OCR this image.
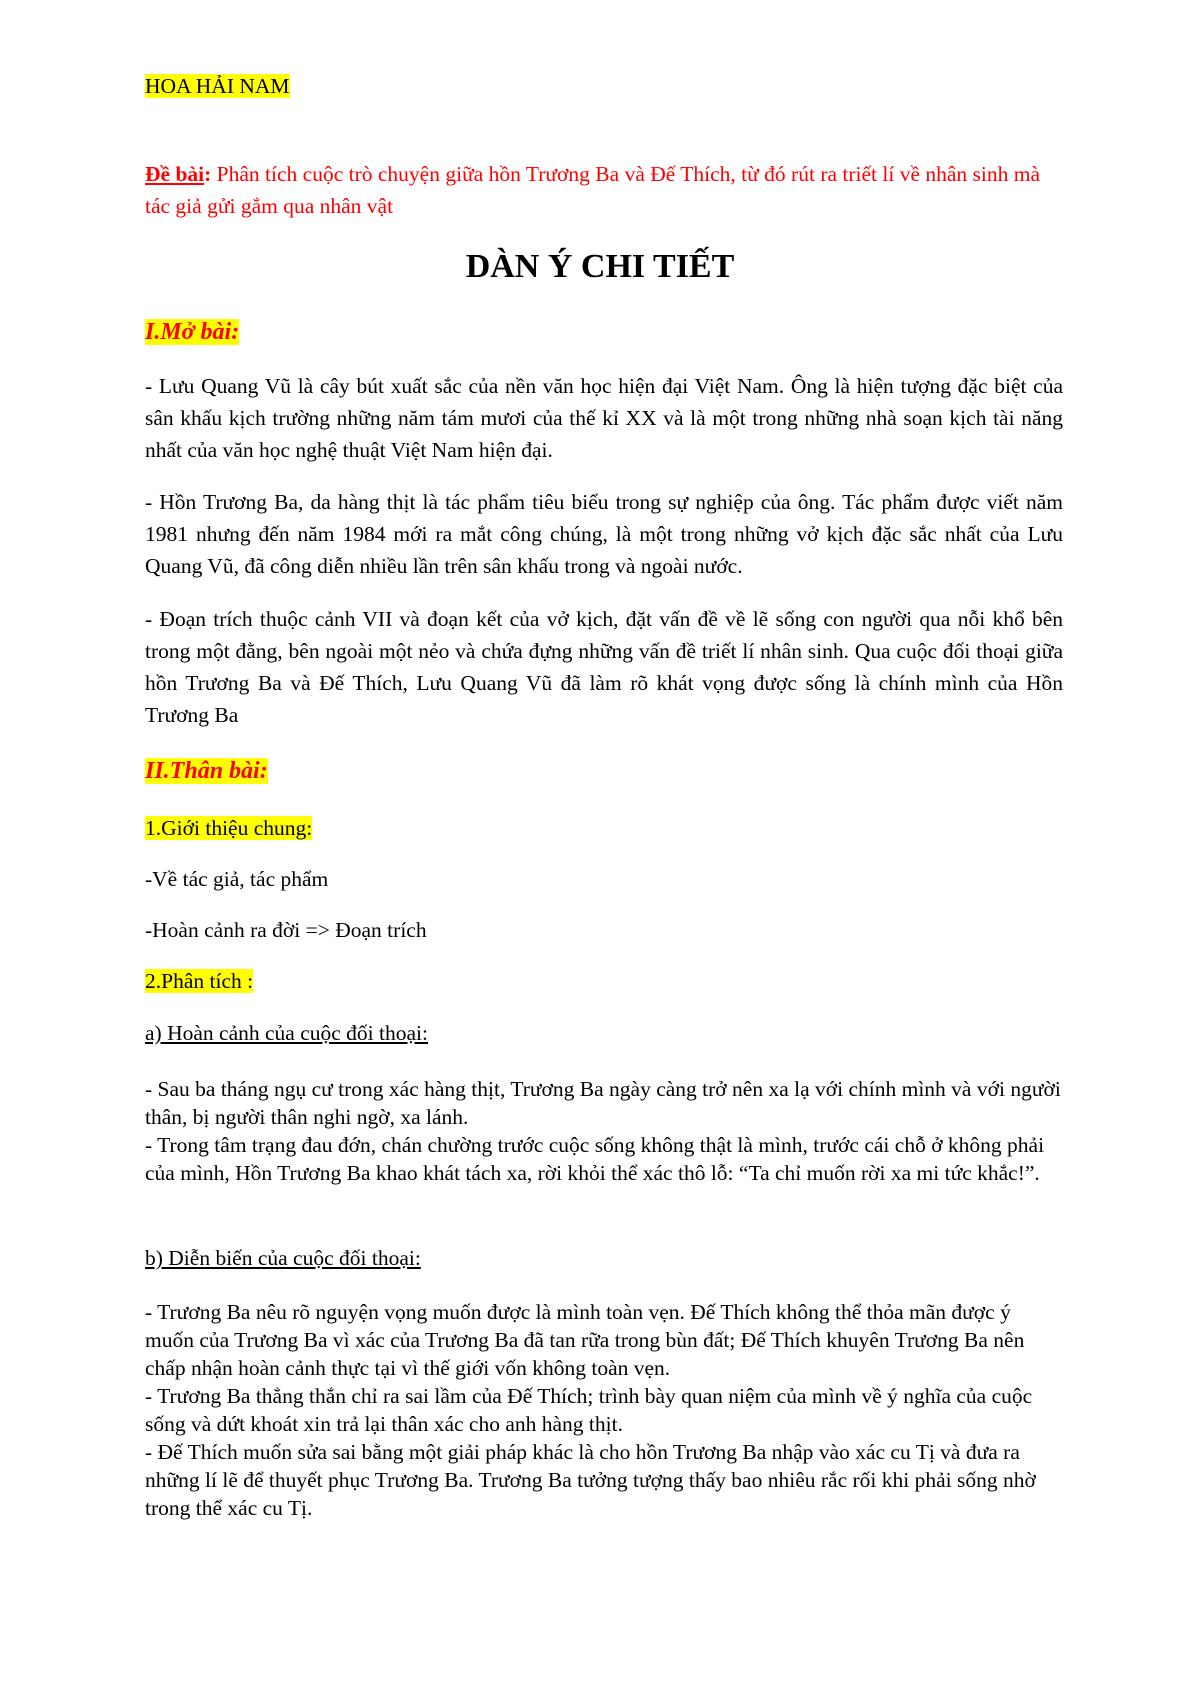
HOA HẢI NAM

Đề bài: Phân tích cuộc trò chuyện giữa hồn Trương Ba và Đế Thích, từ đó rút ra triết lí về nhân sinh mà tác giả gửi gắm qua nhân vật

DÀN Ý CHI TIẾT

I.Mở bài:

- Lưu Quang Vũ là cây bút xuất sắc của nền văn học hiện đại Việt Nam. Ông là hiện tượng đặc biệt của sân khấu kịch trường những năm tám mươi của thế kỉ XX và là một trong những nhà soạn kịch tài năng nhất của văn học nghệ thuật Việt Nam hiện đại.

- Hồn Trương Ba, da hàng thịt là tác phẩm tiêu biểu trong sự nghiệp của ông. Tác phẩm được viết năm 1981 nhưng đến năm 1984 mới ra mắt công chúng, là một trong những vở kịch đặc sắc nhất của Lưu Quang Vũ, đã công diễn nhiều lần trên sân khấu trong và ngoài nước.

- Đoạn trích thuộc cảnh VII và đoạn kết của vở kịch, đặt vấn đề về lẽ sống con người qua nỗi khổ bên trong một đằng, bên ngoài một nẻo và chứa đựng những vấn đề triết lí nhân sinh. Qua cuộc đối thoại giữa hồn Trương Ba và Đế Thích, Lưu Quang Vũ đã làm rõ khát vọng được sống là chính mình của Hồn Trương Ba

II.Thân bài:

1.Giới thiệu chung:

-Về tác giả, tác phẩm

-Hoàn cảnh ra đời => Đoạn trích

2.Phân tích :

a) Hoàn cảnh của cuộc đối thoại:

- Sau ba tháng ngụ cư trong xác hàng thịt, Trương Ba ngày càng trở nên xa lạ với chính mình và với người thân, bị người thân nghi ngờ, xa lánh.

- Trong tâm trạng đau đớn, chán chường trước cuộc sống không thật là mình, trước cái chỗ ở không phải của mình, Hồn Trương Ba khao khát tách xa, rời khỏi thể xác thô lỗ: “Ta chỉ muốn rời xa mi tức khắc!”.

b) Diễn biến của cuộc đối thoại:

- Trương Ba nêu rõ nguyện vọng muốn được là mình toàn vẹn. Đế Thích không thể thỏa mãn được ý muốn của Trương Ba vì xác của Trương Ba đã tan rữa trong bùn đất; Đế Thích khuyên Trương Ba nên chấp nhận hoàn cảnh thực tại vì thế giới vốn không toàn vẹn.

- Trương Ba thẳng thắn chỉ ra sai lầm của Đế Thích; trình bày quan niệm của mình về ý nghĩa của cuộc sống và dứt khoát xin trả lại thân xác cho anh hàng thịt.

- Đế Thích muốn sửa sai bằng một giải pháp khác là cho hồn Trương Ba nhập vào xác cu Tị và đưa ra những lí lẽ để thuyết phục Trương Ba. Trương Ba tưởng tượng thấy bao nhiêu rắc rối khi phải sống nhờ trong thể xác cu Tị.
